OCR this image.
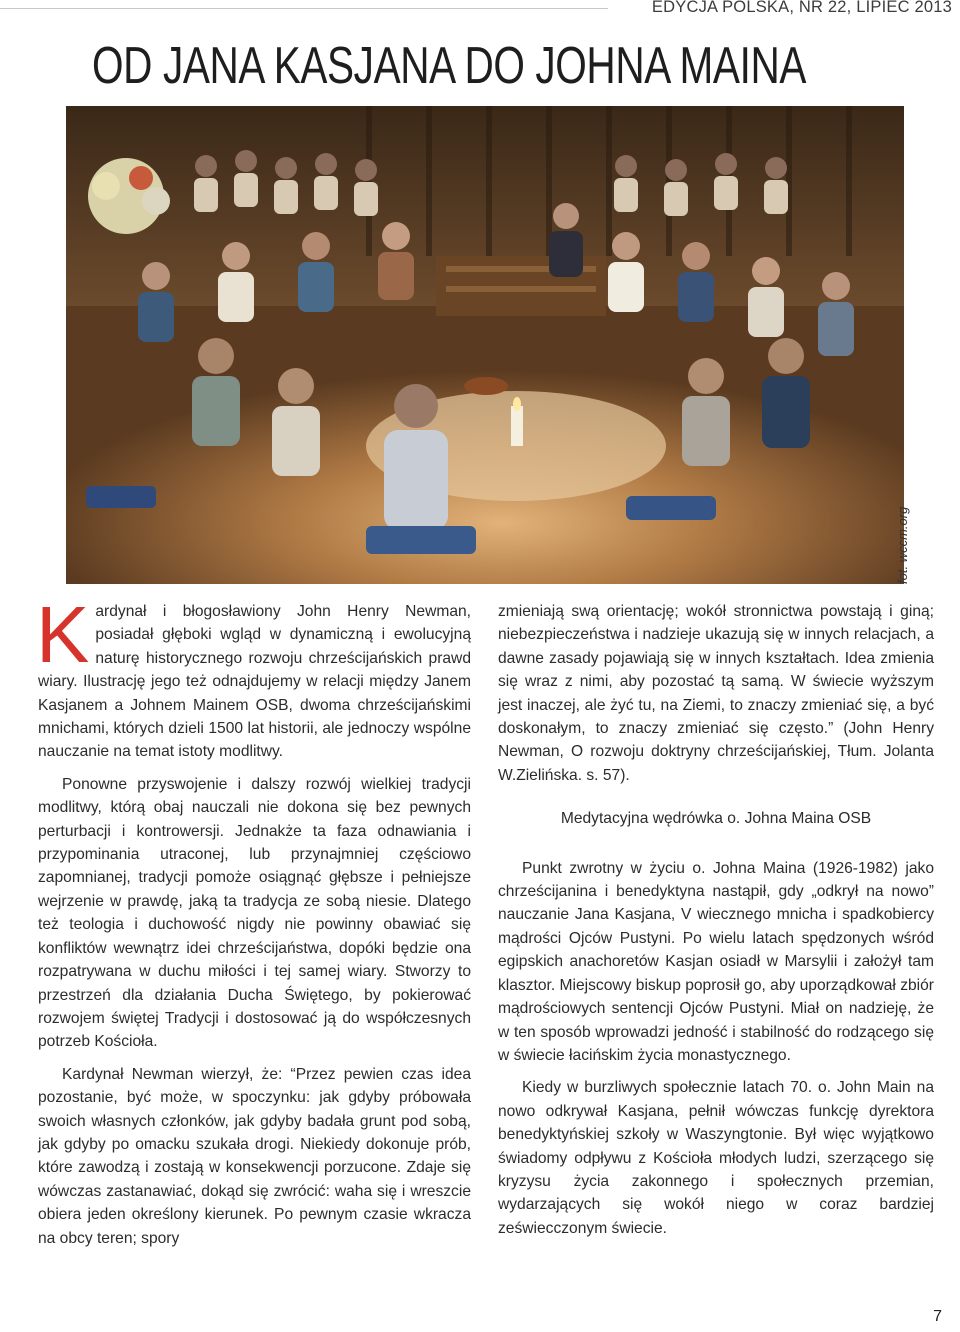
EDYCJA POLSKA, NR 22, LIPIEC 2013
OD JANA KASJANA DO JOHNA MAINA
fot. wccm.org

Kardynał i błogosławiony John Henry Newman, posiadał głęboki wgląd w dynamiczną i ewolucyjną naturę historycznego rozwoju chrześcijańskich prawd wiary. Ilustrację jego też odnajdujemy w relacji między Janem Kasjanem a Johnem Mainem OSB, dwoma chrześcijańskimi mnichami, których dzieli 1500 lat historii, ale jednoczy wspólne nauczanie na temat istoty modlitwy.

Ponowne przyswojenie i dalszy rozwój wielkiej tradycji modlitwy, którą obaj nauczali nie dokona się bez pewnych perturbacji i kontrowersji. Jednakże ta faza odnawiania i przypominania utraconej, lub przynajmniej częściowo zapomnianej, tradycji pomoże osiągnąć głębsze i pełniejsze wejrzenie w prawdę, jaką ta tradycja ze sobą niesie. Dlatego też teologia i duchowość nigdy nie powinny obawiać się konfliktów wewnątrz idei chrześcijaństwa, dopóki będzie ona rozpatrywana w duchu miłości i tej samej wiary. Stworzy to przestrzeń dla działania Ducha Świętego, by pokierować rozwojem świętej Tradycji i dostosować ją do współczesnych potrzeb Kościoła.

Kardynał Newman wierzył, że: “Przez pewien czas idea pozostanie, być może, w spoczynku: jak gdyby próbowała swoich własnych członków, jak gdyby badała grunt pod sobą, jak gdyby po omacku szukała drogi. Niekiedy dokonuje prób, które zawodzą i zostają w konsekwencji porzucone. Zdaje się wówczas zastanawiać, dokąd się zwrócić: waha się i wreszcie obiera jeden określony kierunek. Po pewnym czasie wkracza na obcy teren; spory

zmieniają swą orientację; wokół stronnictwa powstają i giną; niebezpieczeństwa i nadzieje ukazują się w innych relacjach, a dawne zasady pojawiają się w innych kształtach. Idea zmienia się wraz z nimi, aby pozostać tą samą. W świecie wyższym jest inaczej, ale żyć tu, na Ziemi, to znaczy zmieniać się, a być doskonałym, to znaczy zmieniać się często.” (John Henry Newman, O rozwoju doktryny chrześcijańskiej, Tłum. Jolanta W.Zielińska. s. 57).

Medytacyjna wędrówka o. Johna Maina OSB

Punkt zwrotny w życiu o. Johna Maina (1926-1982) jako chrześcijanina i benedyktyna nastąpił, gdy „odkrył na nowo” nauczanie Jana Kasjana, V wiecznego mnicha i spadkobiercy mądrości Ojców Pustyni. Po wielu latach spędzonych wśród egipskich anachoretów Kasjan osiadł w Marsylii i założył tam klasztor. Miejscowy biskup poprosił go, aby uporządkował zbiór mądrościowych sentencji Ojców Pustyni. Miał on nadzieję, że w ten sposób wprowadzi jedność i stabilność do rodzącego się w świecie łacińskim życia monastycznego.

Kiedy w burzliwych społecznie latach 70. o. John Main na nowo odkrywał Kasjana, pełnił wówczas funkcję dyrektora benedyktyńskiej szkoły w Waszyngtonie. Był więc wyjątkowo świadomy odpływu z Kościoła młodych ludzi, szerzącego się kryzysu życia zakonnego i społecznych przemian, wydarzających się wokół niego w coraz bardziej zeświecczonym świecie.

7
